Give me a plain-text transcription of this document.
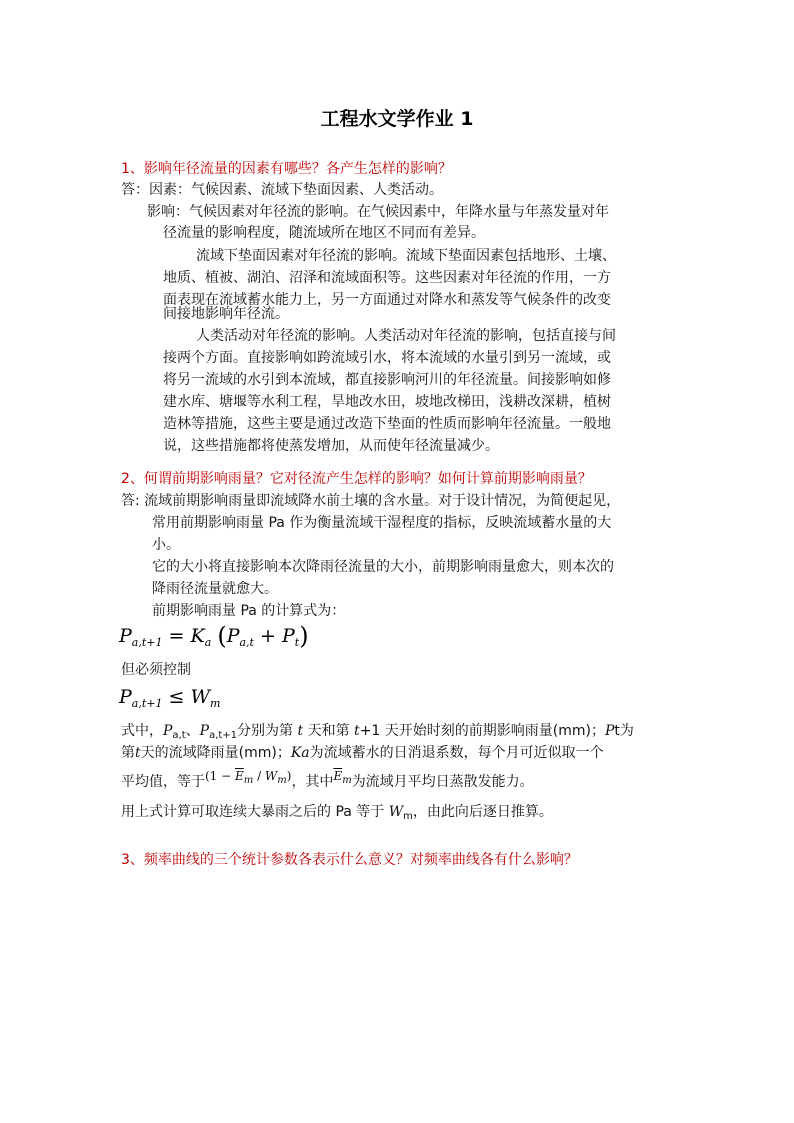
工程水文学作业 1
1、影响年径流量的因素有哪些？各产生怎样的影响？
答：因素：气候因素、流域下垫面因素、人类活动。
影响：气候因素对年径流的影响。在气候因素中，年降水量与年蒸发量对年
径流量的影响程度，随流域所在地区不同而有差异。
流域下垫面因素对年径流的影响。流域下垫面因素包括地形、土壤、
地质、植被、湖泊、沼泽和流域面积等。这些因素对年径流的作用，一方
面表现在流域蓄水能力上，另一方面通过对降水和蒸发等气候条件的改变
间接地影响年径流。
人类活动对年径流的影响。人类活动对年径流的影响，包括直接与间
接两个方面。直接影响如跨流域引水，将本流域的水量引到另一流域，或
将另一流域的水引到本流域，都直接影响河川的年径流量。间接影响如修
建水库、塘堰等水利工程，旱地改水田，坡地改梯田，浅耕改深耕，植树
造林等措施，这些主要是通过改造下垫面的性质而影响年径流量。一般地
说，这些措施都将使蒸发增加，从而使年径流量减少。
2、何谓前期影响雨量？它对径流产生怎样的影响？如何计算前期影响雨量？
答: 流域前期影响雨量即流域降水前土壤的含水量。对于设计情况，为简便起见，
常用前期影响雨量 Pa 作为衡量流域干湿程度的指标，反映流域蓄水量的大
小。
它的大小将直接影响本次降雨径流量的大小，前期影响雨量愈大，则本次的
降雨径流量就愈大。
前期影响雨量 Pa 的计算式为：
$P_{a,t+1} = K_a$ $(P_{a,t} + P_t)$
但必须控制
$P_{a,t+1} \le W_m$
式中，$P_{a,t}$、$P_{a,t+1}$分别为第 t 天和第 t+1 天开始时刻的前期影响雨量(mm)；Pt为
第t天的流域降雨量(mm)；Ka为流域蓄水的日消退系数，每个月可近似取一个
平均值，等于$(1 - \overline{E}_m / W_m)$，其中$\overline{E}_m$为流域月平均日蒸散发能力。
用上式计算可取连续大暴雨之后的 Pa 等于 $W_m$，由此向后逐日推算。
3、频率曲线的三个统计参数各表示什么意义？对频率曲线各有什么影响？
